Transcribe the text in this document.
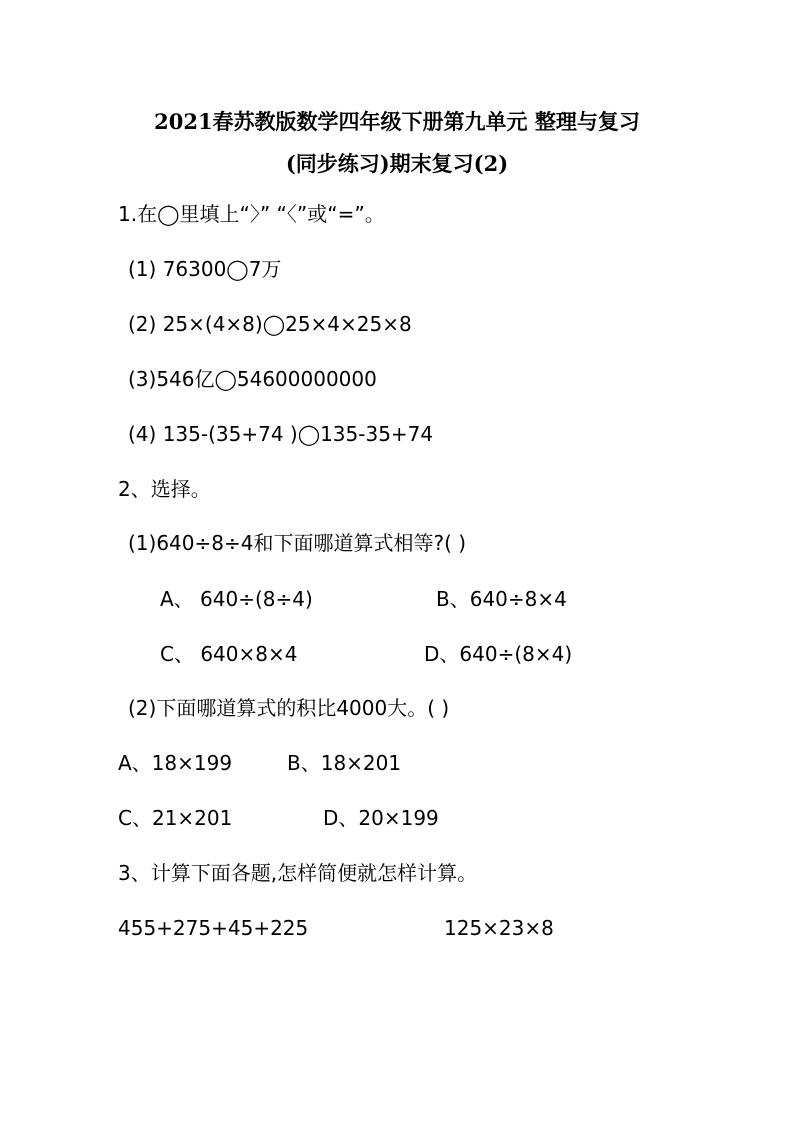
2021春苏教版数学四年级下册第九单元 整理与复习
(同步练习)期末复习(2)
1.在◯里填上“〉” “〈”或“=”。
(1) 76300◯7万
(2) 25×(4×8)◯25×4×25×8
(3)546亿◯54600000000
(4) 135-(35+74 )◯135-35+74
2、选择。
(1)640÷8÷4和下面哪道算式相等?( )
A、 640÷(8÷4)	B、640÷8×4
C、 640×8×4	D、640÷(8×4)
(2)下面哪道算式的积比4000大。( )
A、18×199	B、18×201
C、21×201	D、20×199
3、计算下面各题,怎样简便就怎样计算。
455+275+45+225	125×23×8
